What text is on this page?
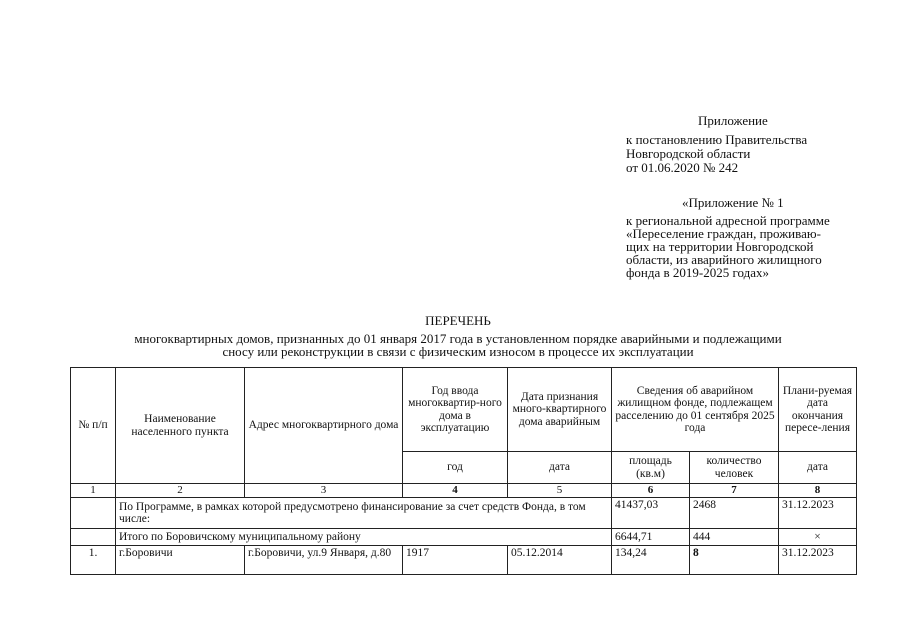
Приложение
к постановлению Правительства
Новгородской области
от 01.06.2020 № 242
«Приложение № 1
к региональной адресной программе
«Переселение граждан, проживаю-
щих на территории Новгородской
области, из аварийного жилищного
фонда в 2019-2025 годах»
ПЕРЕЧЕНЬ
многоквартирных домов, признанных до 01 января 2017 года в установленном порядке аварийными и подлежащими
сносу или реконструкции в связи с физическим износом в процессе их эксплуатации
№ п/п	Наименование населенного пункта	Адрес многоквартирного дома	Год ввода многоквартир-ного дома в эксплуатацию	Дата признания много-квартирного дома аварийным	Сведения об аварийном жилищном фонде, подлежащем расселению до 01 сентября 2025 года		Плани-руемая дата окончания пересе-ления
			год	дата	площадь (кв.м)	количество человек	дата
1	2	3	4	5	6	7	8
	По Программе, в рамках которой предусмотрено финансирование за счет средств Фонда, в том числе:				41437,03	2468	31.12.2023
	Итого по Боровичскому муниципальному району				6644,71	444	×
1.	г.Боровичи	г.Боровичи, ул.9 Января, д.80	1917	05.12.2014	134,24	8	31.12.2023
